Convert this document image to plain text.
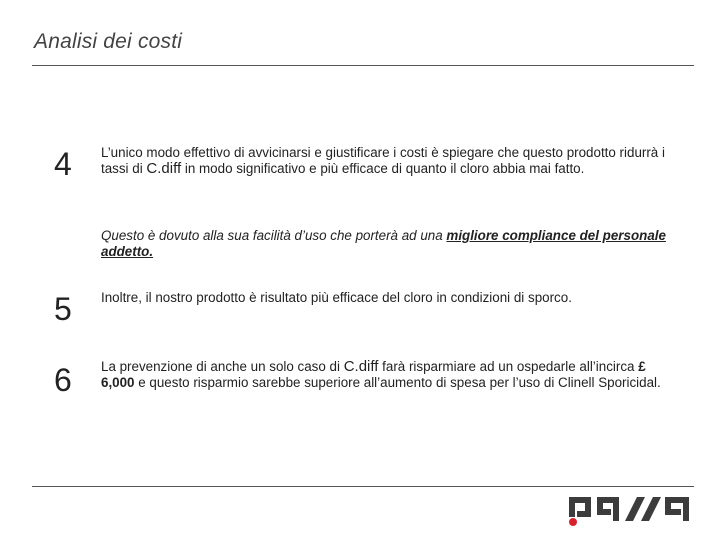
Analisi dei costi
4 L’unico modo effettivo di avvicinarsi e giustificare i costi è spiegare che questo prodotto ridurrà i tassi di C.diff in modo significativo e più efficace di quanto il cloro abbia mai fatto.

Questo è dovuto alla sua facilità d’uso che porterà ad una migliore compliance del personale addetto.

5 Inoltre, il nostro prodotto è risultato più efficace del cloro in condizioni di sporco.

6 La prevenzione di anche un solo caso di C.diff farà risparmiare ad un ospedarle all’incirca £ 6,000 e questo risparmio sarebbe superiore all’aumento di spesa per l’uso di Clinell Sporicidal.
